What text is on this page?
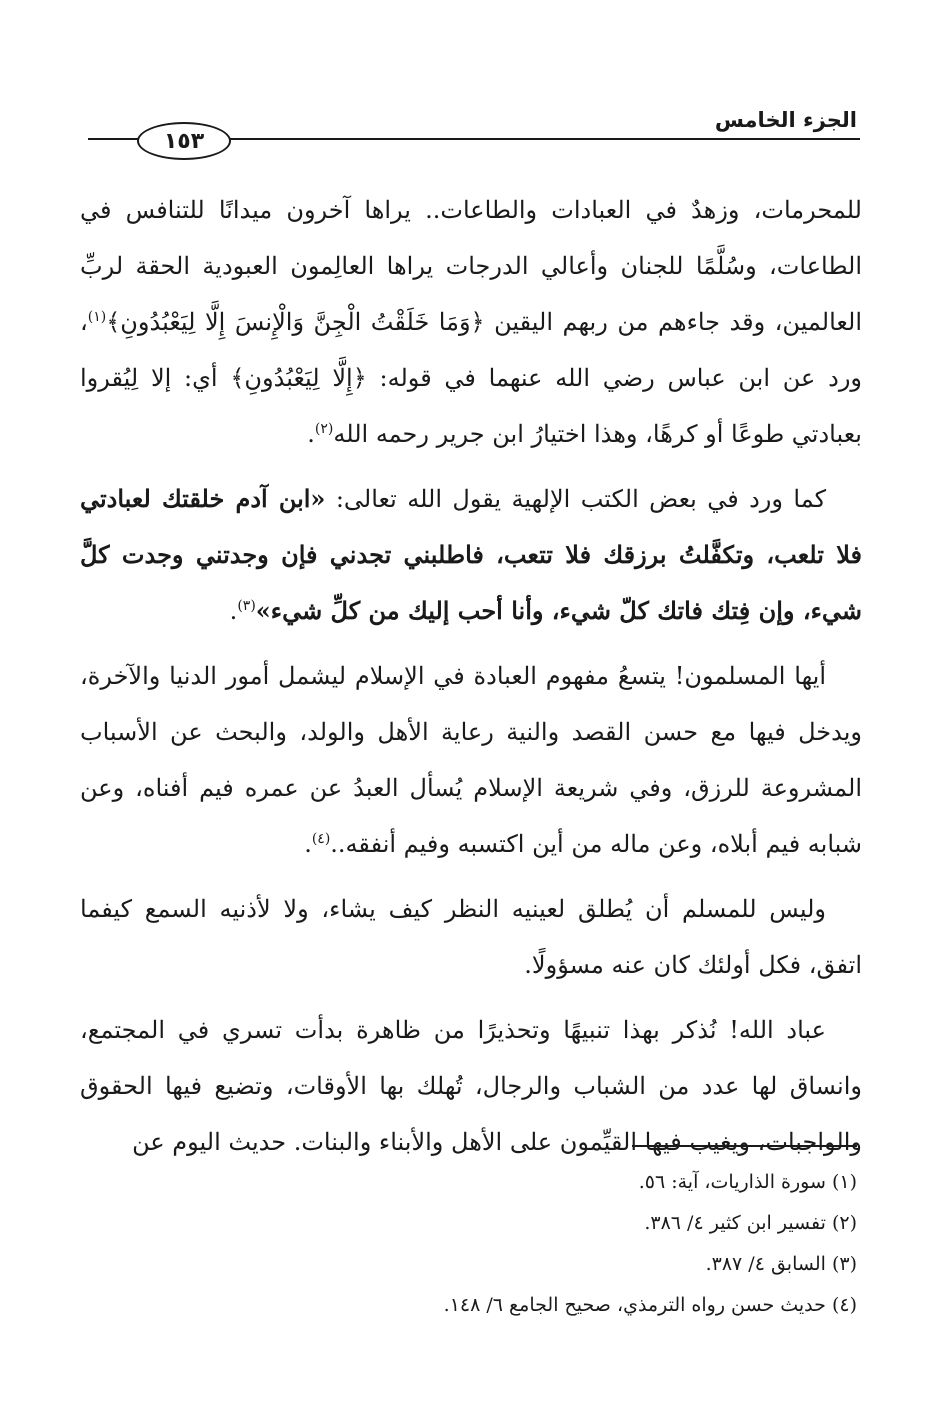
الجزء الخامس
١٥٣

للمحرمات، وزهدٌ في العبادات والطاعات.. يراها آخرون ميدانًا للتنافس في الطاعات، وسُلَّمًا للجنان وأعالي الدرجات يراها العالِمون العبودية الحقة لربِّ العالمين، وقد جاءهم من ربهم اليقين ﴿وَمَا خَلَقْتُ الْجِنَّ وَالْإِنسَ إِلَّا لِيَعْبُدُونِ﴾$^{(١)}$، ورد عن ابن عباس رضي الله عنهما في قوله: ﴿إِلَّا لِيَعْبُدُونِ﴾ أي: إلا لِيُقروا بعبادتي طوعًا أو كرهًا، وهذا اختيارُ ابن جرير رحمه الله$^{(٢)}$.

كما ورد في بعض الكتب الإلهية يقول الله تعالى: «ابن آدم خلقتك لعبادتي فلا تلعب، وتكفَّلتُ برزقك فلا تتعب، فاطلبني تجدني فإن وجدتني وجدت كلَّ شيء، وإن فِتك فاتك كلّ شيء، وأنا أحب إليك من كلِّ شيء»$^{(٣)}$.

أيها المسلمون! يتسعُ مفهوم العبادة في الإسلام ليشمل أمور الدنيا والآخرة، ويدخل فيها مع حسن القصد والنية رعاية الأهل والولد، والبحث عن الأسباب المشروعة للرزق، وفي شريعة الإسلام يُسأل العبدُ عن عمره فيم أفناه، وعن شبابه فيم أبلاه، وعن ماله من أين اكتسبه وفيم أنفقه..$^{(٤)}$.

وليس للمسلم أن يُطلق لعينيه النظر كيف يشاء، ولا لأذنيه السمع كيفما اتفق، فكل أولئك كان عنه مسؤولًا.

عباد الله! نُذكر بهذا تنبيهًا وتحذيرًا من ظاهرة بدأت تسري في المجتمع، وانساق لها عدد من الشباب والرجال، تُهلك بها الأوقات، وتضيع فيها الحقوق والواجبات، ويغيب فيها القيِّمون على الأهل والأبناء والبنات. حديث اليوم عن

(١) سورة الذاريات، آية: ٥٦.

(٢) تفسير ابن كثير ٤/ ٣٨٦.

(٣) السابق ٤/ ٣٨٧.

(٤) حديث حسن رواه الترمذي، صحيح الجامع ٦/ ١٤٨.
